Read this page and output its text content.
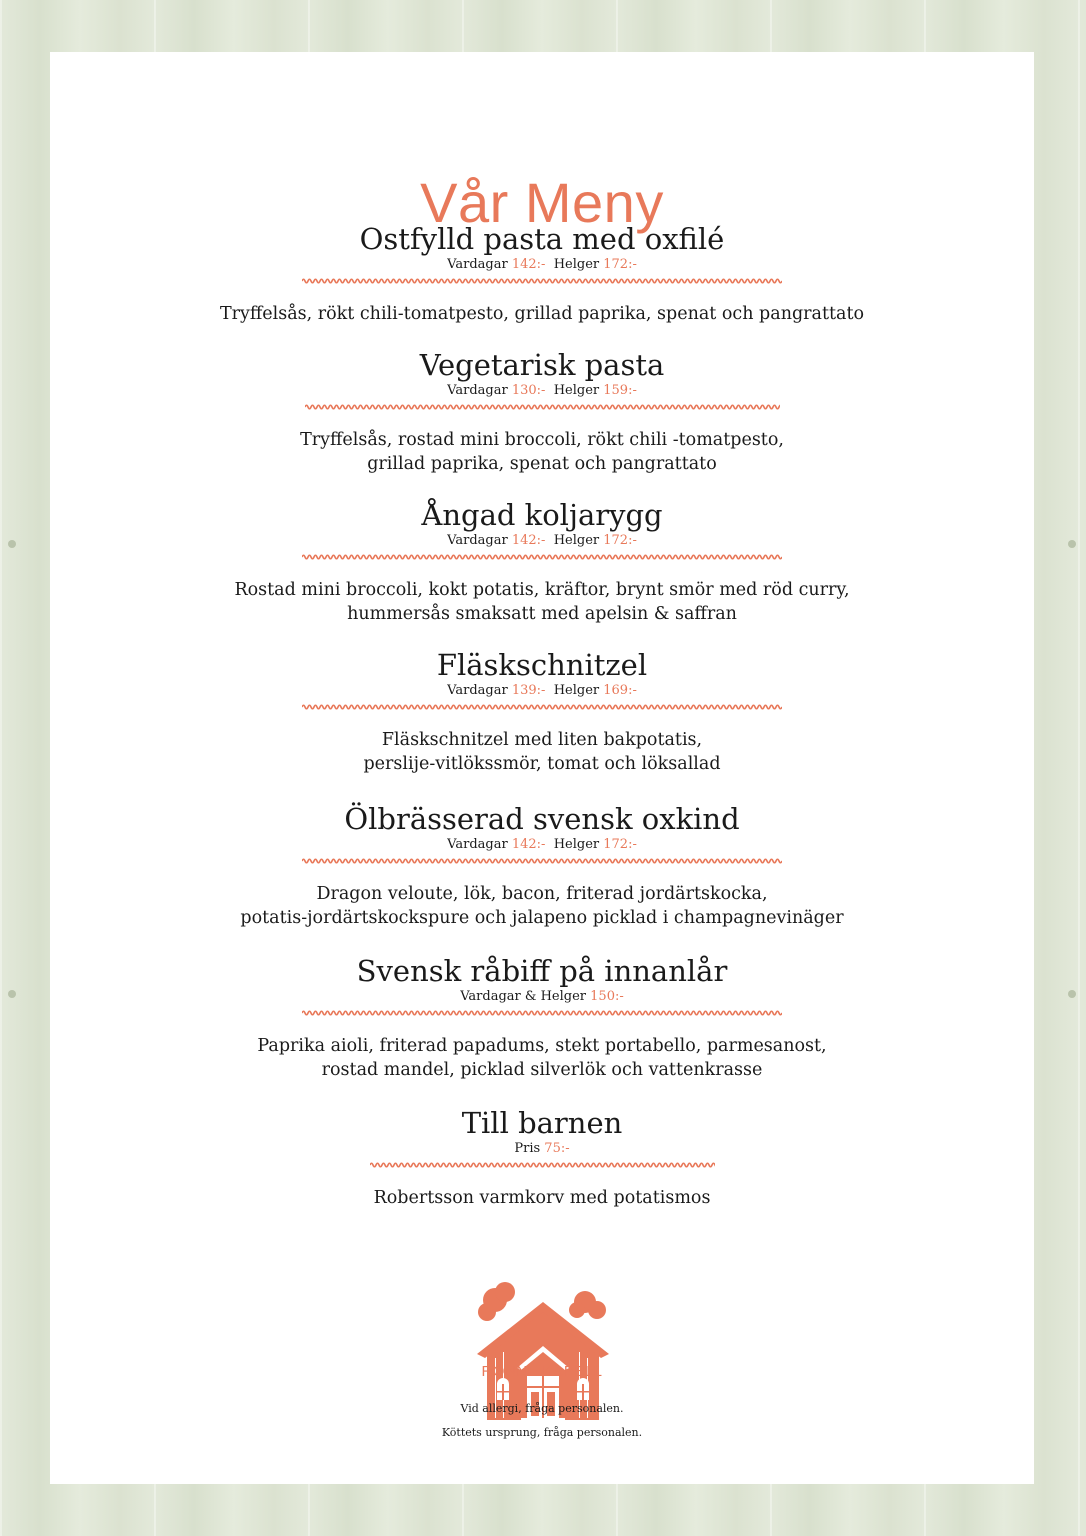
Vår Meny
Ostfylld pasta med oxfilé
Vardagar 142:- Helger 172:-
Tryffelsås, rökt chili-tomatpesto, grillad paprika, spenat och pangrattato
Vegetarisk pasta
Vardagar 130:- Helger 159:-
Tryffelsås, rostad mini broccoli, rökt chili -tomatpesto,
grillad paprika, spenat och pangrattato
Ångad koljarygg
Vardagar 142:- Helger 172:-
Rostad mini broccoli, kokt potatis, kräftor, brynt smör med röd curry,
hummersås smaksatt med apelsin & saffran
Fläskschnitzel
Vardagar 139:- Helger 169:-
Fläskschnitzel med liten bakpotatis,
perslije-vitlökssmör, tomat och löksallad
Ölbrässerad svensk oxkind
Vardagar 142:- Helger 172:-
Dragon veloute, lök, bacon, friterad jordärtskocka,
potatis-jordärtskockspure och jalapeno picklad i champagnevinäger
Svensk råbiff på innanlår
Vardagar & Helger 150:-
Paprika aioli, friterad papadums, stekt portabello, parmesanost,
rostad mandel, picklad silverlök och vattenkrasse
Till barnen
Pris 75:-
Robertsson varmkorv med potatismos
RÖNNE KAPELL
Vid allergi, fråga personalen.
Köttets ursprung, fråga personalen.
